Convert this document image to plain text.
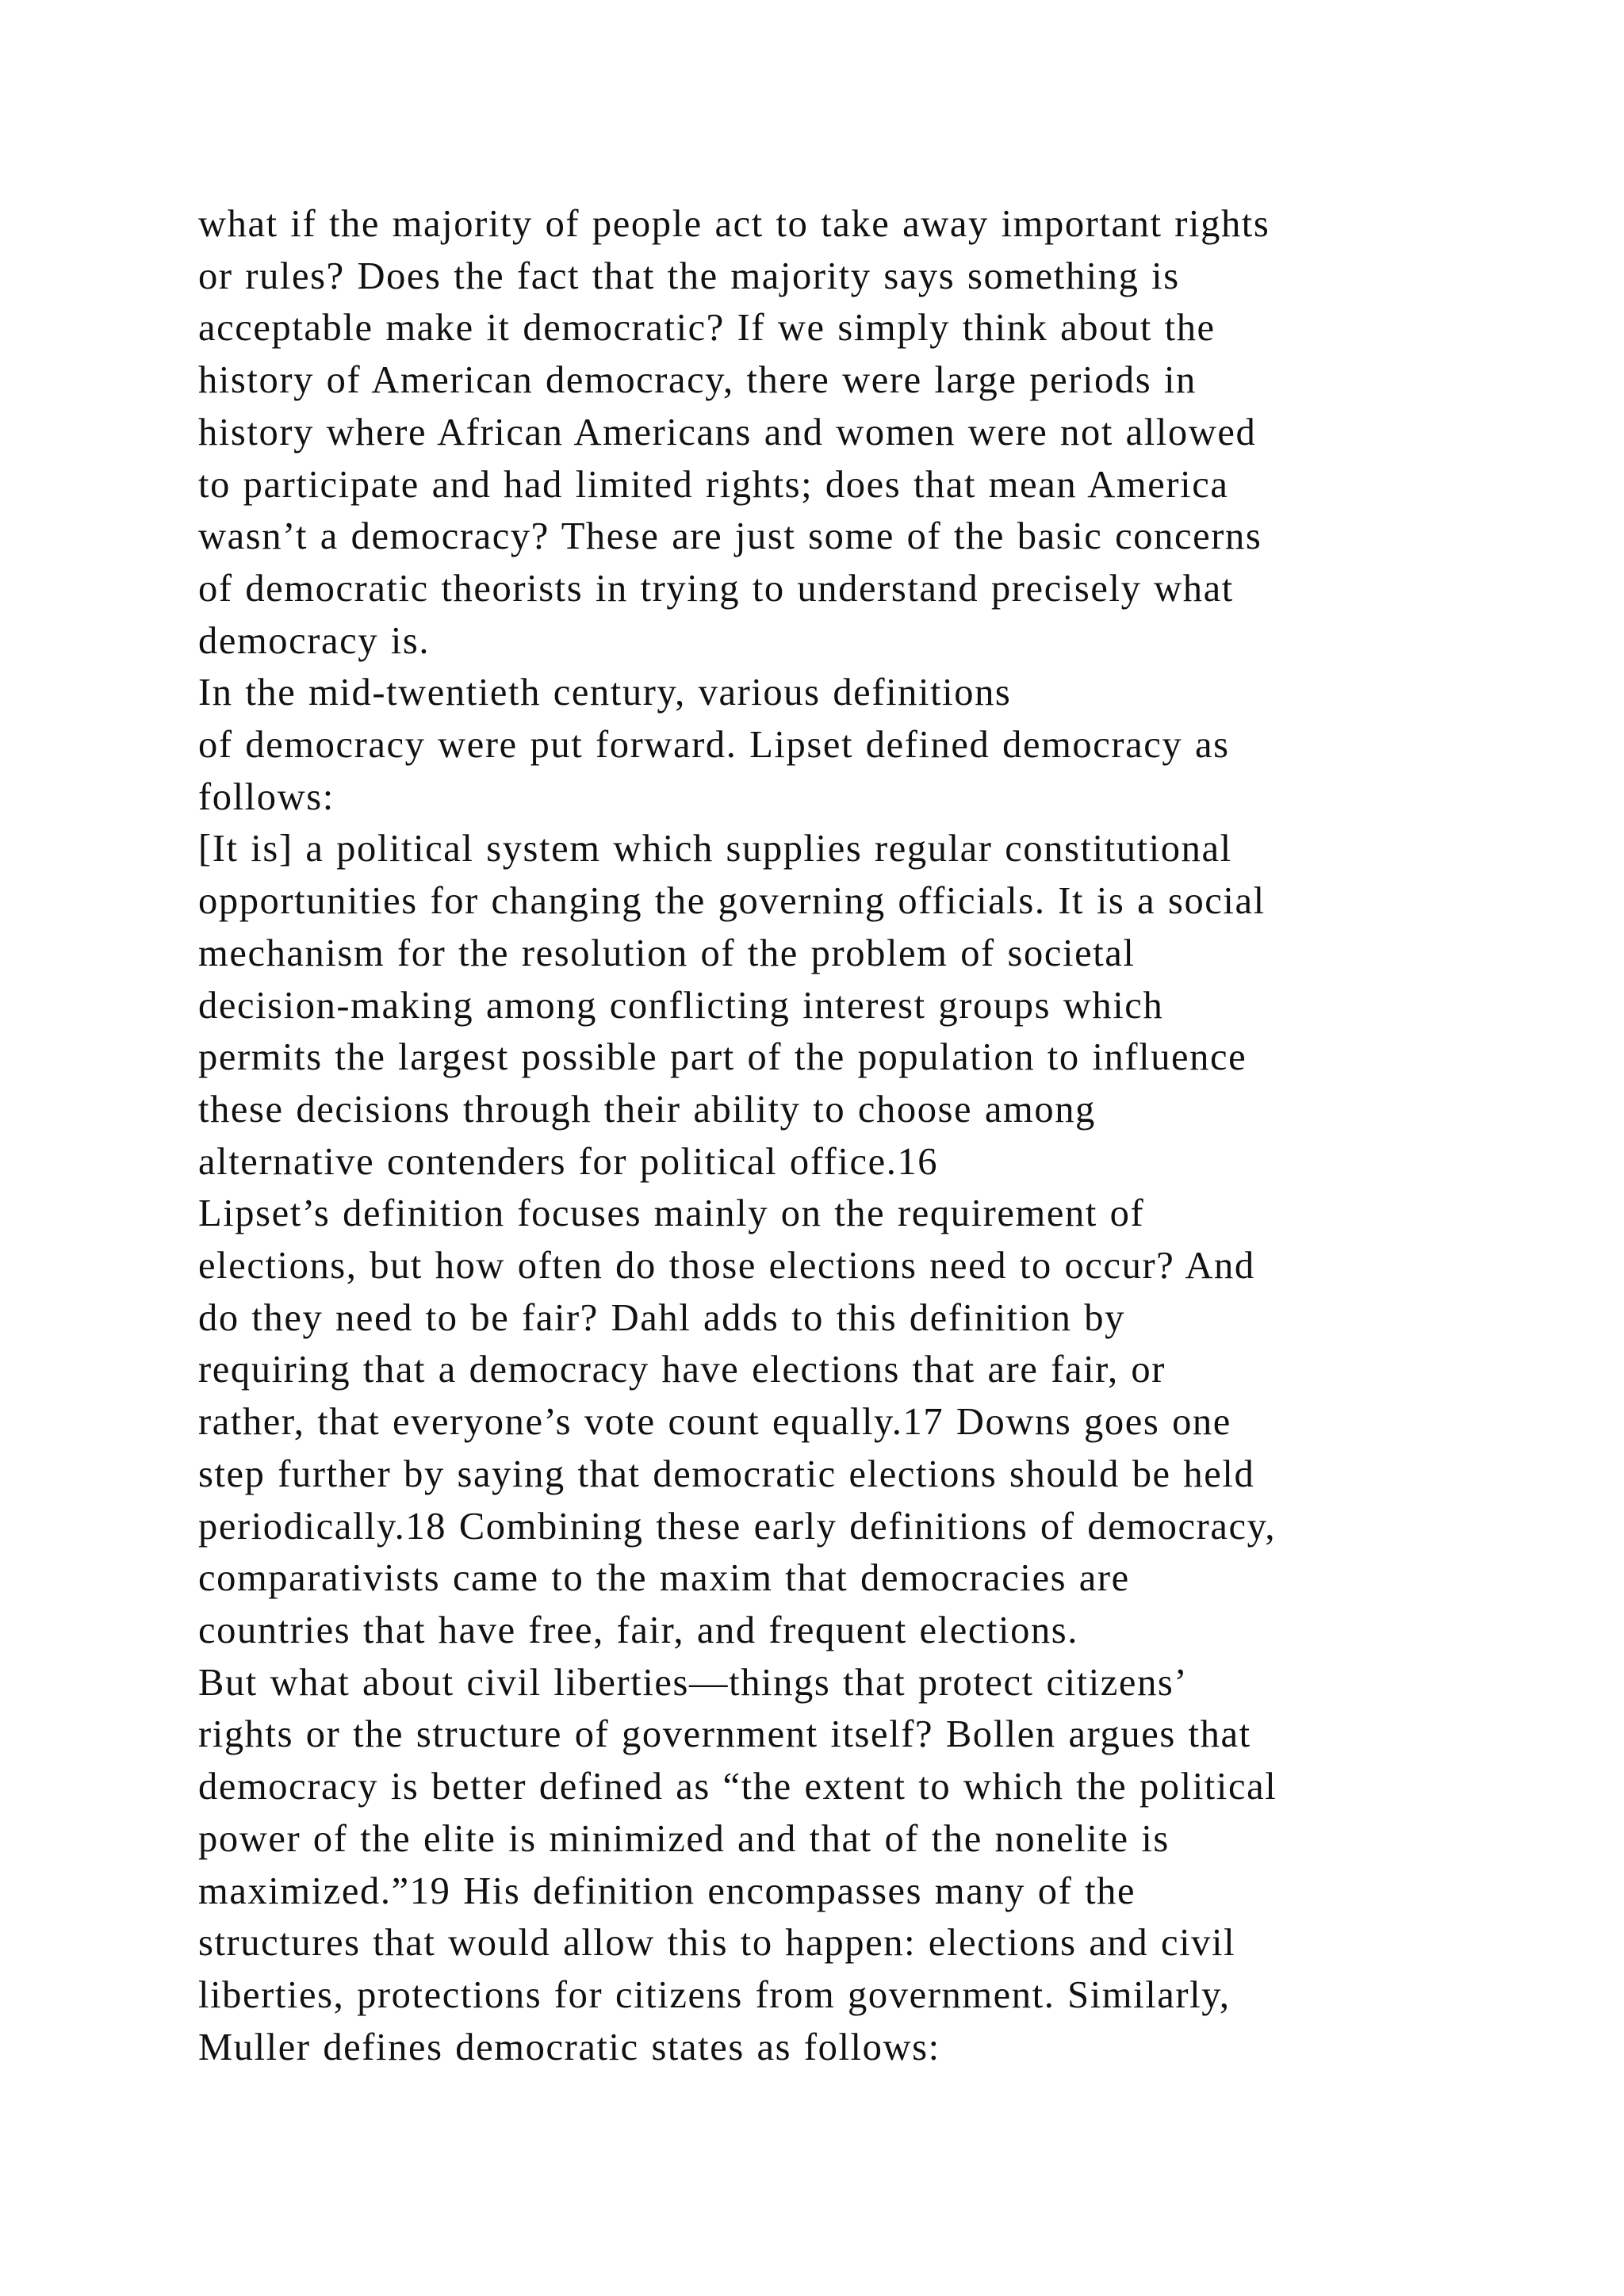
what if the majority of people act to take away important rights
or rules? Does the fact that the majority says something is
acceptable make it democratic? If we simply think about the
history of American democracy, there were large periods in
history where African Americans and women were not allowed
to participate and had limited rights; does that mean America
wasn’t a democracy? These are just some of the basic concerns
of democratic theorists in trying to understand precisely what
democracy is.
In the mid-twentieth century, various definitions
of democracy were put forward. Lipset defined democracy as
follows:
[It is] a political system which supplies regular constitutional
opportunities for changing the governing officials. It is a social
mechanism for the resolution of the problem of societal
decision-making among conflicting interest groups which
permits the largest possible part of the population to influence
these decisions through their ability to choose among
alternative contenders for political office.16
Lipset’s definition focuses mainly on the requirement of
elections, but how often do those elections need to occur? And
do they need to be fair? Dahl adds to this definition by
requiring that a democracy have elections that are fair, or
rather, that everyone’s vote count equally.17 Downs goes one
step further by saying that democratic elections should be held
periodically.18 Combining these early definitions of democracy,
comparativists came to the maxim that democracies are
countries that have free, fair, and frequent elections.
But what about civil liberties—things that protect citizens’
rights or the structure of government itself? Bollen argues that
democracy is better defined as “the extent to which the political
power of the elite is minimized and that of the nonelite is
maximized.”19 His definition encompasses many of the
structures that would allow this to happen: elections and civil
liberties, protections for citizens from government. Similarly,
Muller defines democratic states as follows:
